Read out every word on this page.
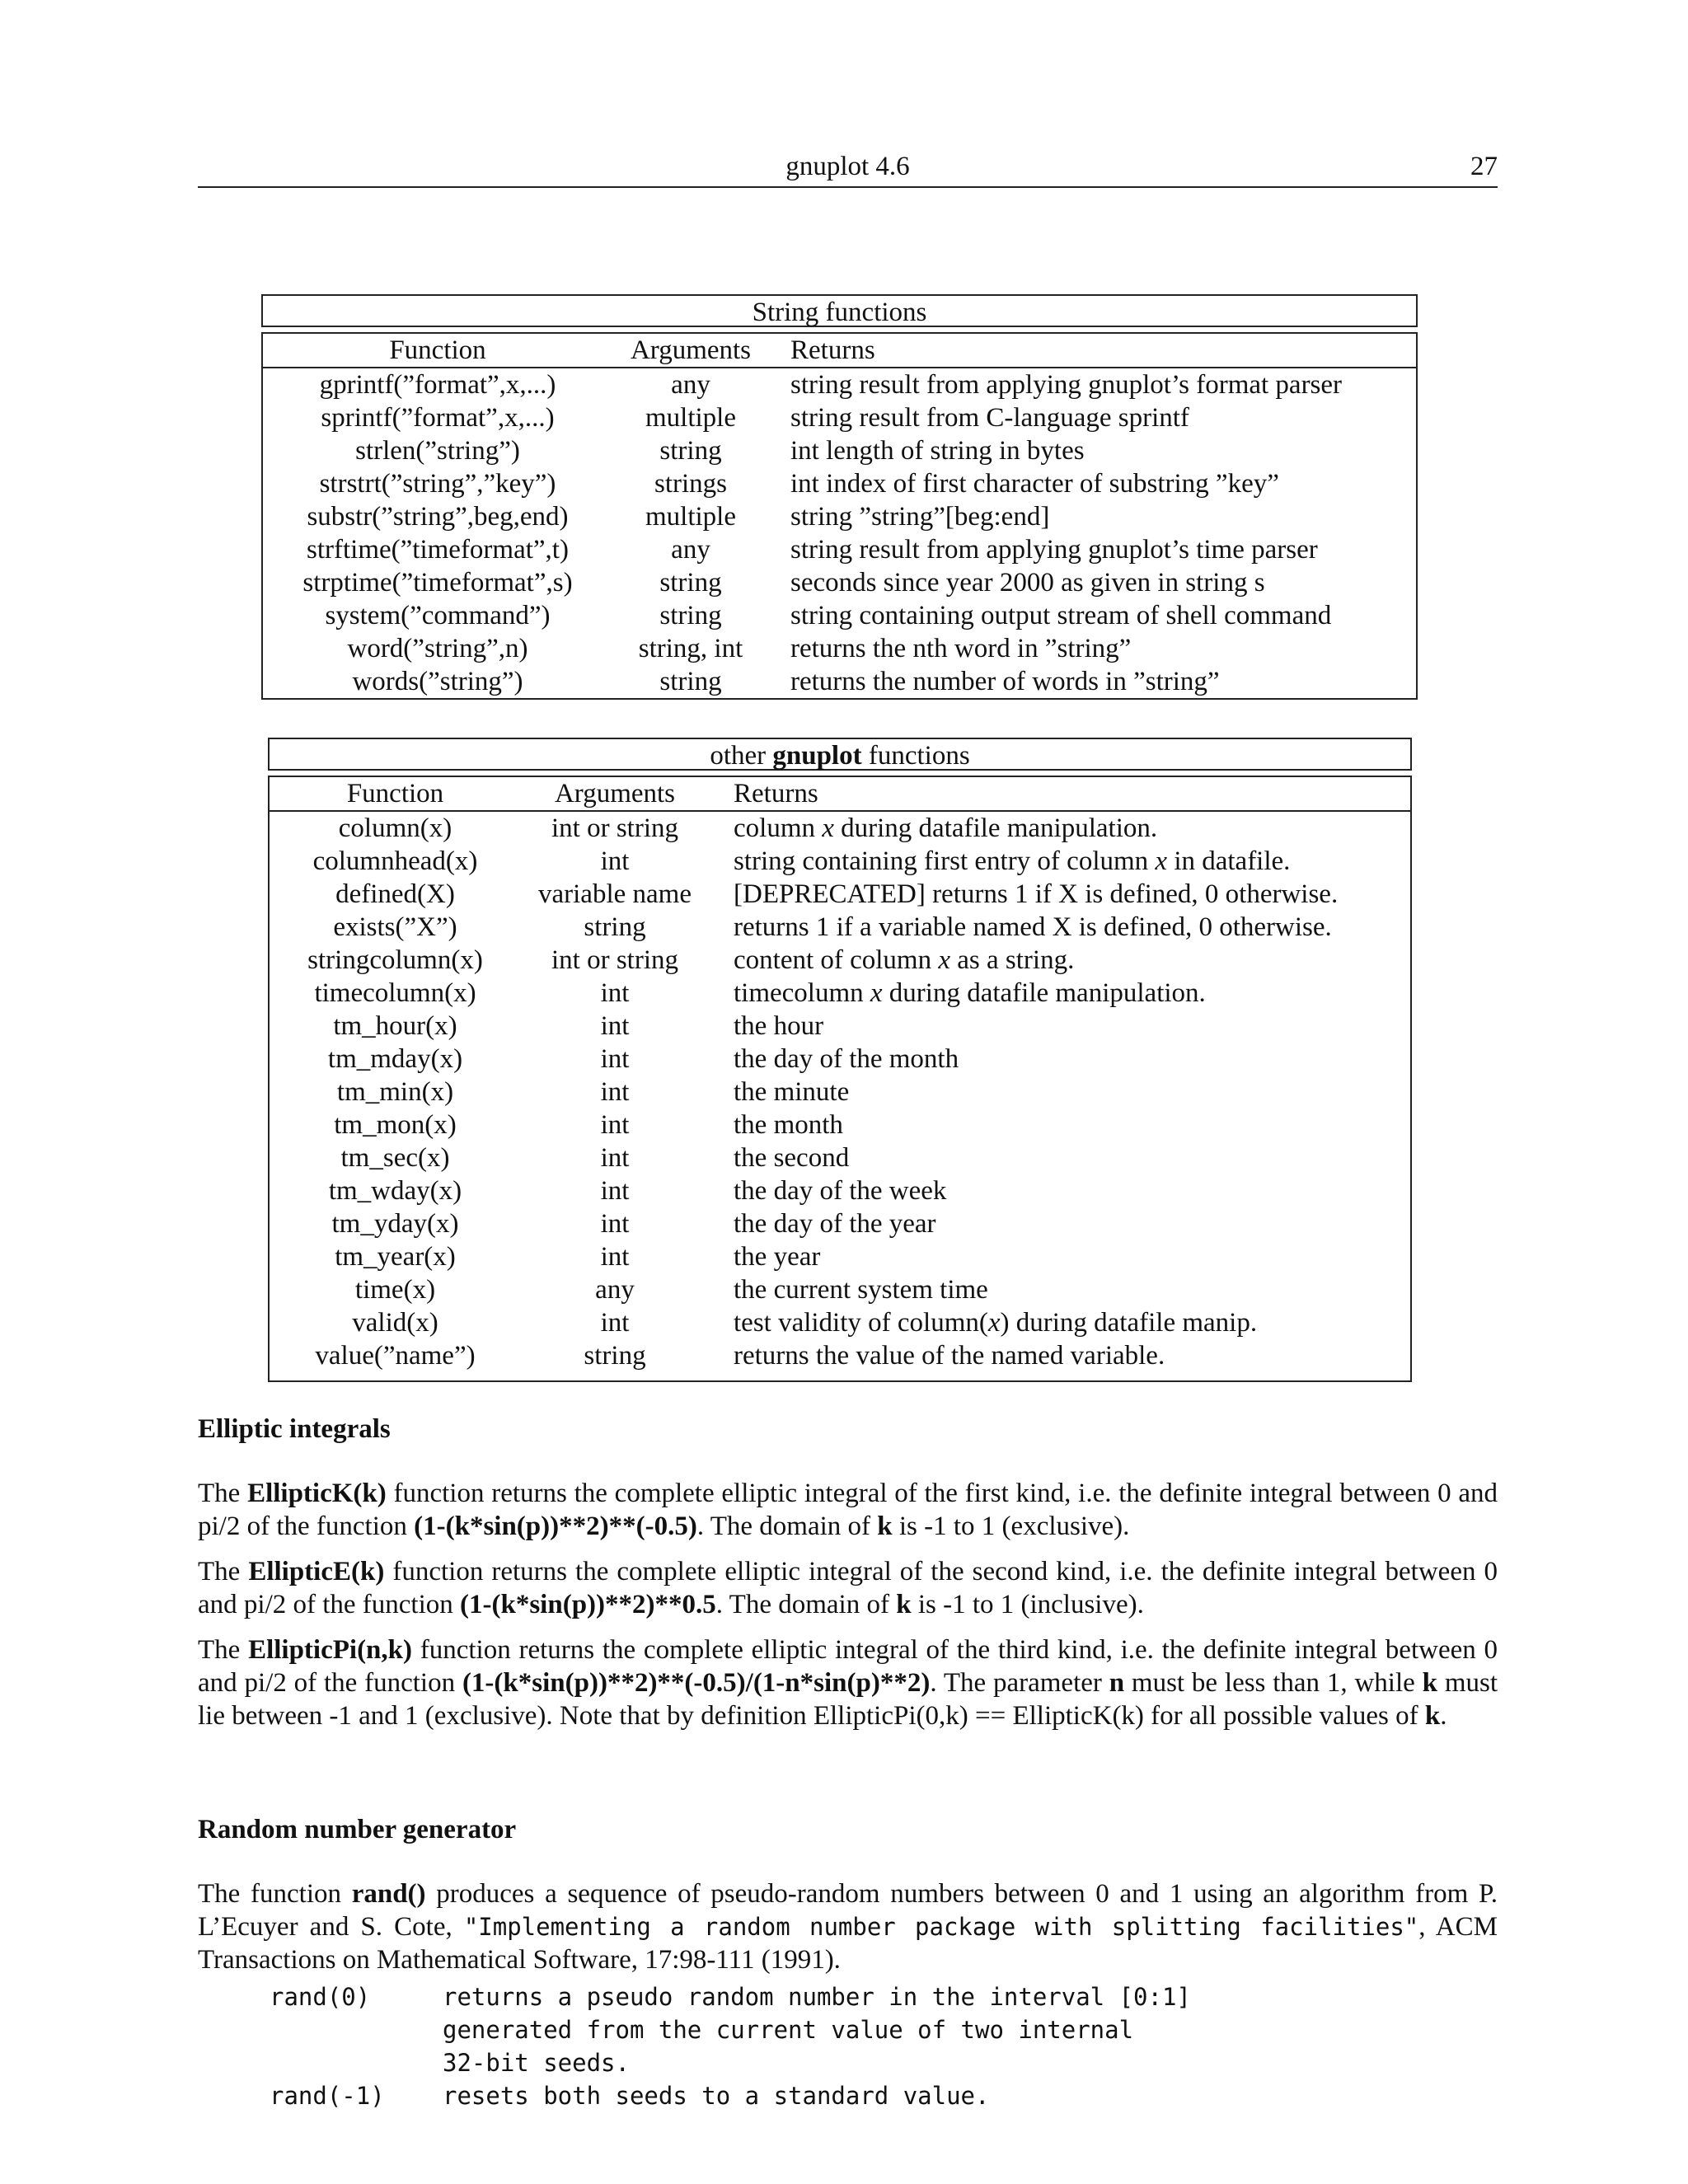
gnuplot 4.6	27
String functions
Function	Arguments	Returns
gprintf(”format”,x,...)	any	string result from applying gnuplot’s format parser
sprintf(”format”,x,...)	multiple	string result from C-language sprintf
strlen(”string”)	string	int length of string in bytes
strstrt(”string”,”key”)	strings	int index of first character of substring ”key”
substr(”string”,beg,end)	multiple	string ”string”[beg:end]
strftime(”timeformat”,t)	any	string result from applying gnuplot’s time parser
strptime(”timeformat”,s)	string	seconds since year 2000 as given in string s
system(”command”)	string	string containing output stream of shell command
word(”string”,n)	string, int	returns the nth word in ”string”
words(”string”)	string	returns the number of words in ”string”
other gnuplot functions
Function	Arguments	Returns
column(x)	int or string	column x during datafile manipulation.
columnhead(x)	int	string containing first entry of column x in datafile.
defined(X)	variable name	[DEPRECATED] returns 1 if X is defined, 0 otherwise.
exists(”X”)	string	returns 1 if a variable named X is defined, 0 otherwise.
stringcolumn(x)	int or string	content of column x as a string.
timecolumn(x)	int	timecolumn x during datafile manipulation.
tm_hour(x)	int	the hour
tm_mday(x)	int	the day of the month
tm_min(x)	int	the minute
tm_mon(x)	int	the month
tm_sec(x)	int	the second
tm_wday(x)	int	the day of the week
tm_yday(x)	int	the day of the year
tm_year(x)	int	the year
time(x)	any	the current system time
valid(x)	int	test validity of column(x) during datafile manip.
value(”name”)	string	returns the value of the named variable.
Elliptic integrals
The EllipticK(k) function returns the complete elliptic integral of the first kind, i.e. the definite integral between 0 and pi/2 of the function (1-(k*sin(p))**2)**(-0.5). The domain of k is -1 to 1 (exclusive).
The EllipticE(k) function returns the complete elliptic integral of the second kind, i.e. the definite integral between 0 and pi/2 of the function (1-(k*sin(p))**2)**0.5. The domain of k is -1 to 1 (inclusive).
The EllipticPi(n,k) function returns the complete elliptic integral of the third kind, i.e. the definite integral between 0 and pi/2 of the function (1-(k*sin(p))**2)**(-0.5)/(1-n*sin(p)**2). The parameter n must be less than 1, while k must lie between -1 and 1 (exclusive). Note that by definition EllipticPi(0,k) == EllipticK(k) for all possible values of k.
Random number generator
The function rand() produces a sequence of pseudo-random numbers between 0 and 1 using an algorithm from P. L’Ecuyer and S. Cote, "Implementing a random number package with splitting facilities", ACM Transactions on Mathematical Software, 17:98-111 (1991).
rand(0)	returns a pseudo random number in the interval [0:1]
generated from the current value of two internal
32-bit seeds.
rand(-1) resets both seeds to a standard value.
